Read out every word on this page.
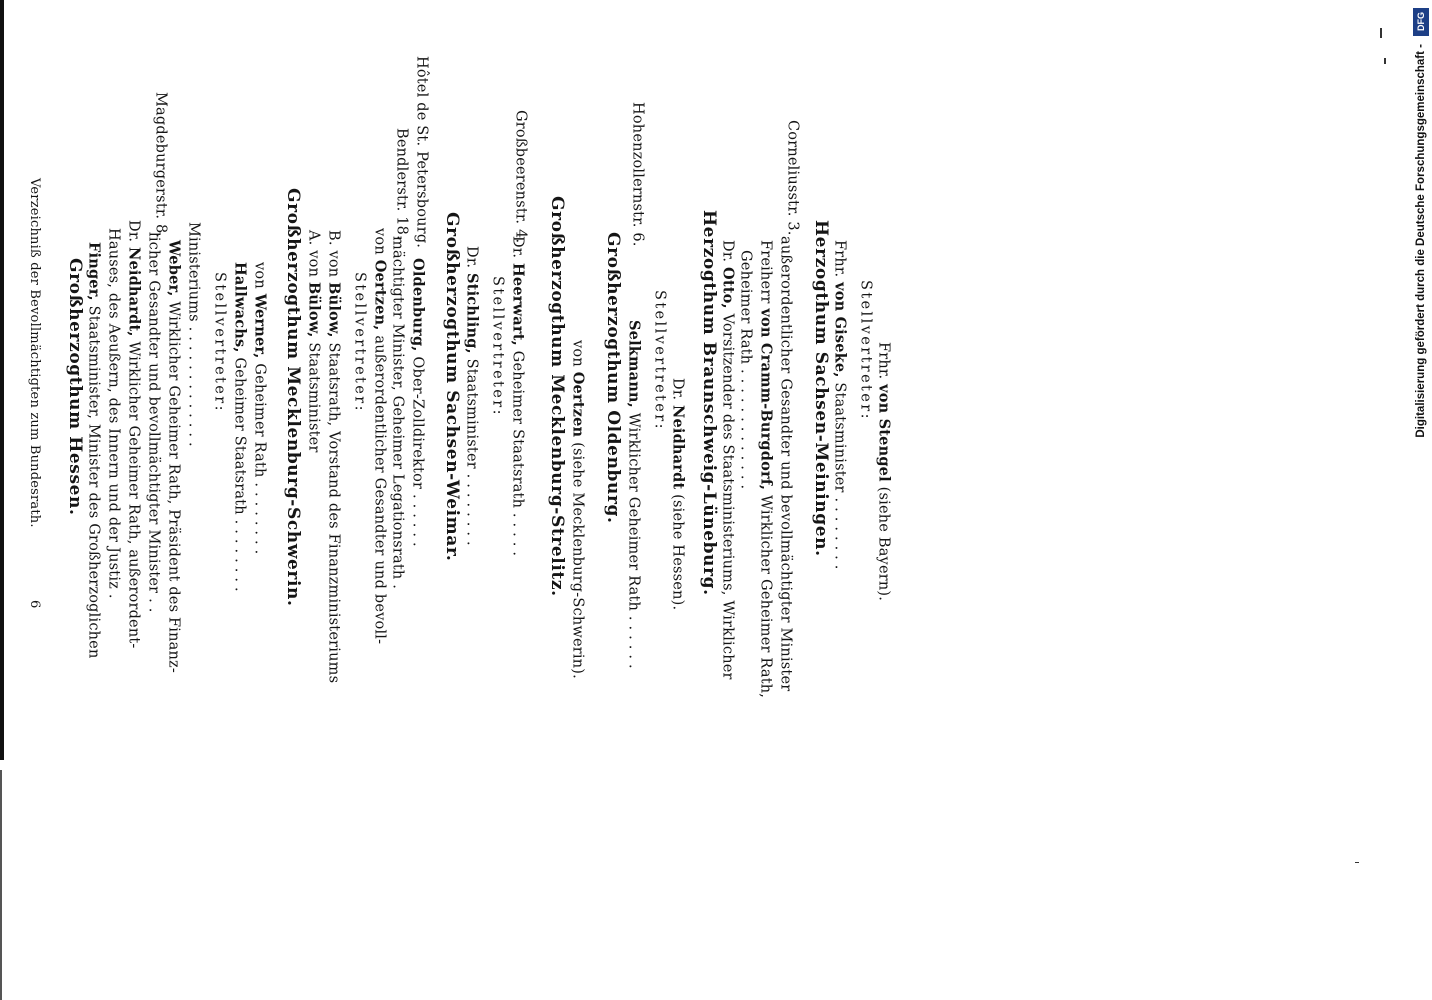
6
Verzeichniß der Bevollmächtigten zum Bundesrath. Großherzogthum Hessen. Finger, Staatsminister, Minister des Großherzoglichen Hauses, des Aeußern, des Innern und der Justiz . Dr. Neidhardt, Wirklicher Geheimer Rath, außerordent- licher Gesandter und bevollmächtigter Minister . .
Magdeburgerstr. 8.
Weber, Wirklicher Geheimer Rath, Präsident des Finanz- Ministeriums . . . . . . . . . . . . . Stellvertreter: Hallwachs, Geheimer Staatsrath . . . . . . . .
von Werner, Geheimer Rath . . . . . . . . Großherzogthum Mecklenburg-Schwerin. A. von Bülow, Staatsminister
B. von Bülow, Staatsrath, Vorstand des Finanzministeriums
Stellvertreter:
von Oertzen, außerordentlicher Gesandter und bevoll- mächtigter Minister, Geheimer Legationsrath .
Bendlerstr. 18.
Oldenburg, Ober-Zolldirektor . . . . . .
Hôtel de St. Petersbourg.
Großherzogthum Sachsen-Weimar. Dr. Stichling, Staatsminister . . . . . . . .
Stellvertreter:
Dr. Heerwart, Geheimer Staatsrath . . . . .
Großbeerenstr. 4.
Großherzogthum Mecklenburg-Strelitz. von Oertzen (siehe Mecklenburg-Schwerin).
Großherzogthum Oldenburg. Selkmann, Wirklicher Geheimer Rath . . . . . .
Hohenzollernstr. 6.
Stellvertreter: Dr. Neidhardt (siehe Hessen). Herzogthum Braunschweig-Lüneburg. Dr. Otto, Vorsitzender des Staatsministeriums, Wirklicher Geheimer Rath . . . . . . . . . . . . . Freiherr von Cramm-Burgdorf, Wirklicher Geheimer Rath, außerordentlicher Gesandter und bevollmächtigter Minister
Corneliusstr. 3.
Herzogthum Sachsen-Meiningen. Frhr. von Giseke, Staatsminister . . . . . . . .
Stellvertreter: Frhr. von Stengel (siehe Bayern).
Digitalisierung gefördert durch die Deutsche Forschungsgemeinschaft -
DFG
